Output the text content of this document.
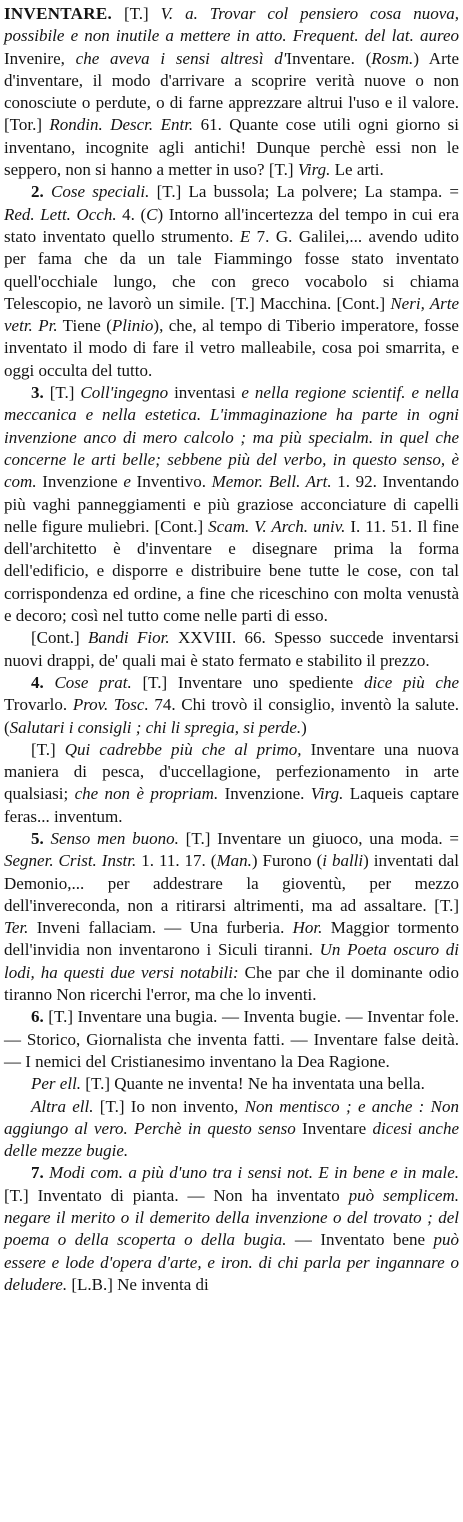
INVENTARE. [T.] V. a. Trovar col pensiero cosa nuova, possibile e non inutile a mettere in atto. Frequent. del lat. aureo Invenire, che aveva i sensi altresì d'Inventare. (Rosm.) Arte d'inventare, il modo d'arrivare a scoprire verità nuove o non conosciute o perdute, o di farne apprezzare altrui l'uso e il valore. [Tor.] Rondin. Descr. Entr. 61. Quante cose utili ogni giorno si inventano, incognite agli antichi! Dunque perchè essi non le seppero, non si hanno a metter in uso? [T.] Virg. Le arti.

2. Cose speciali. [T.] La bussola; La polvere; La stampa. = Red. Lett. Occh. 4. (C) Intorno all'incertezza del tempo in cui era stato inventato quello strumento. E 7. G. Galilei,... avendo udito per fama che da un tale Fiammingo fosse stato inventato quell'occhiale lungo, che con greco vocabolo si chiama Telescopio, ne lavorò un simile. [T.] Macchina. [Cont.] Neri, Arte vetr. Pr. Tiene (Plinio), che, al tempo di Tiberio imperatore, fosse inventato il modo di fare il vetro malleabile, cosa poi smarrita, e oggi occulta del tutto.

3. [T.] Coll'ingegno inventasi e nella regione scientif. e nella meccanica e nella estetica. L'immaginazione ha parte in ogni invenzione anco di mero calcolo ; ma più specialm. in quel che concerne le arti belle; sebbene più del verbo, in questo senso, è com. Invenzione e Inventivo. Memor. Bell. Art. 1. 92. Inventando più vaghi panneggiamenti e più graziose acconciature di capelli nelle figure muliebri. [Cont.] Scam. V. Arch. univ. I. 11. 51. Il fine dell'architetto è d'inventare e disegnare prima la forma dell'edificio, e disporre e distribuire bene tutte le cose, con tal corrispondenza ed ordine, a fine che riceschino con molta venustà e decoro; così nel tutto come nelle parti di esso.

[Cont.] Bandi Fior. XXVIII. 66. Spesso succede inventarsi nuovi drappi, de' quali mai è stato fermato e stabilito il prezzo.

4. Cose prat. [T.] Inventare uno spediente dice più che Trovarlo. Prov. Tosc. 74. Chi trovò il consiglio, inventò la salute. (Salutari i consigli ; chi li spregia, si perde.)

[T.] Qui cadrebbe più che al primo, Inventare una nuova maniera di pesca, d'uccellagione, perfezionamento in arte qualsiasi; che non è propriam. Invenzione. Virg. Laqueis captare feras... inventum.

5. Senso men buono. [T.] Inventare un giuoco, una moda. = Segner. Crist. Instr. 1. 11. 17. (Man.) Furono (i balli) inventati dal Demonio,... per addestrare la gioventù, per mezzo dell'invereconda, non a ritirarsi altrimenti, ma ad assaltare. [T.] Ter. Inveni fallaciam. — Una furberia. Hor. Maggior tormento dell'invidia non inventarono i Siculi tiranni. Un Poeta oscuro di lodi, ha questi due versi notabili: Che par che il dominante odio tiranno Non ricerchi l'error, ma che lo inventi.

6. [T.] Inventare una bugia. — Inventa bugie. — Inventar fole. — Storico, Giornalista che inventa fatti. — Inventare false deità. — I nemici del Cristianesimo inventano la Dea Ragione.

Per ell. [T.] Quante ne inventa! Ne ha inventata una bella.

Altra ell. [T.] Io non invento, Non mentisco ; e anche : Non aggiungo al vero. Perchè in questo senso Inventare dicesi anche delle mezze bugie.

7. Modi com. a più d'uno tra i sensi not. E in bene e in male. [T.] Inventato di pianta. — Non ha inventato può semplicem. negare il merito o il demerito della invenzione o del trovato ; del poema o della scoperta o della bugia. — Inventato bene può essere e lode d'opera d'arte, e iron. di chi parla per ingannare o deludere. [L.B.] Ne inventa di
